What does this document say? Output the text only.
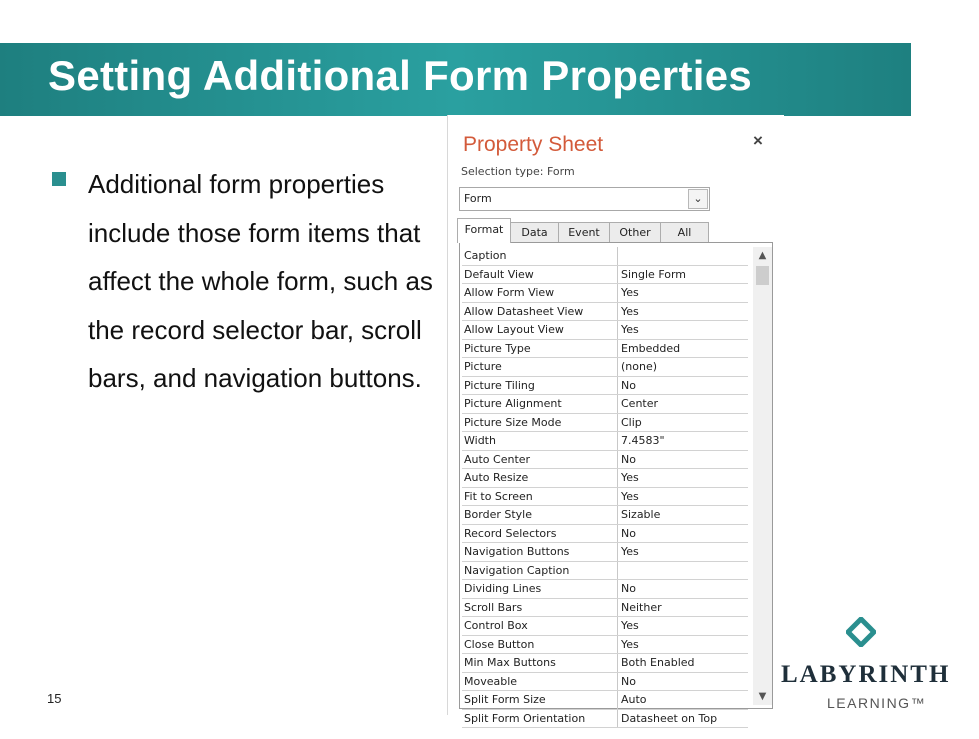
Setting Additional Form Properties
Additional form properties include those form items that affect the whole form, such as the record selector bar, scroll bars, and navigation buttons.
15
Property Sheet	×
Selection type: Form
Form	⌄
Format	Data	Event	Other	All
Caption
Default View	Single Form
Allow Form View	Yes
Allow Datasheet View	Yes
Allow Layout View	Yes
Picture Type	Embedded
Picture	(none)
Picture Tiling	No
Picture Alignment	Center
Picture Size Mode	Clip
Width	7.4583"
Auto Center	No
Auto Resize	Yes
Fit to Screen	Yes
Border Style	Sizable
Record Selectors	No
Navigation Buttons	Yes
Navigation Caption
Dividing Lines	No
Scroll Bars	Neither
Control Box	Yes
Close Button	Yes
Min Max Buttons	Both Enabled
Moveable	No
Split Form Size	Auto
Split Form Orientation	Datasheet on Top
▲
▼
LABYRINTH
LEARNING™
